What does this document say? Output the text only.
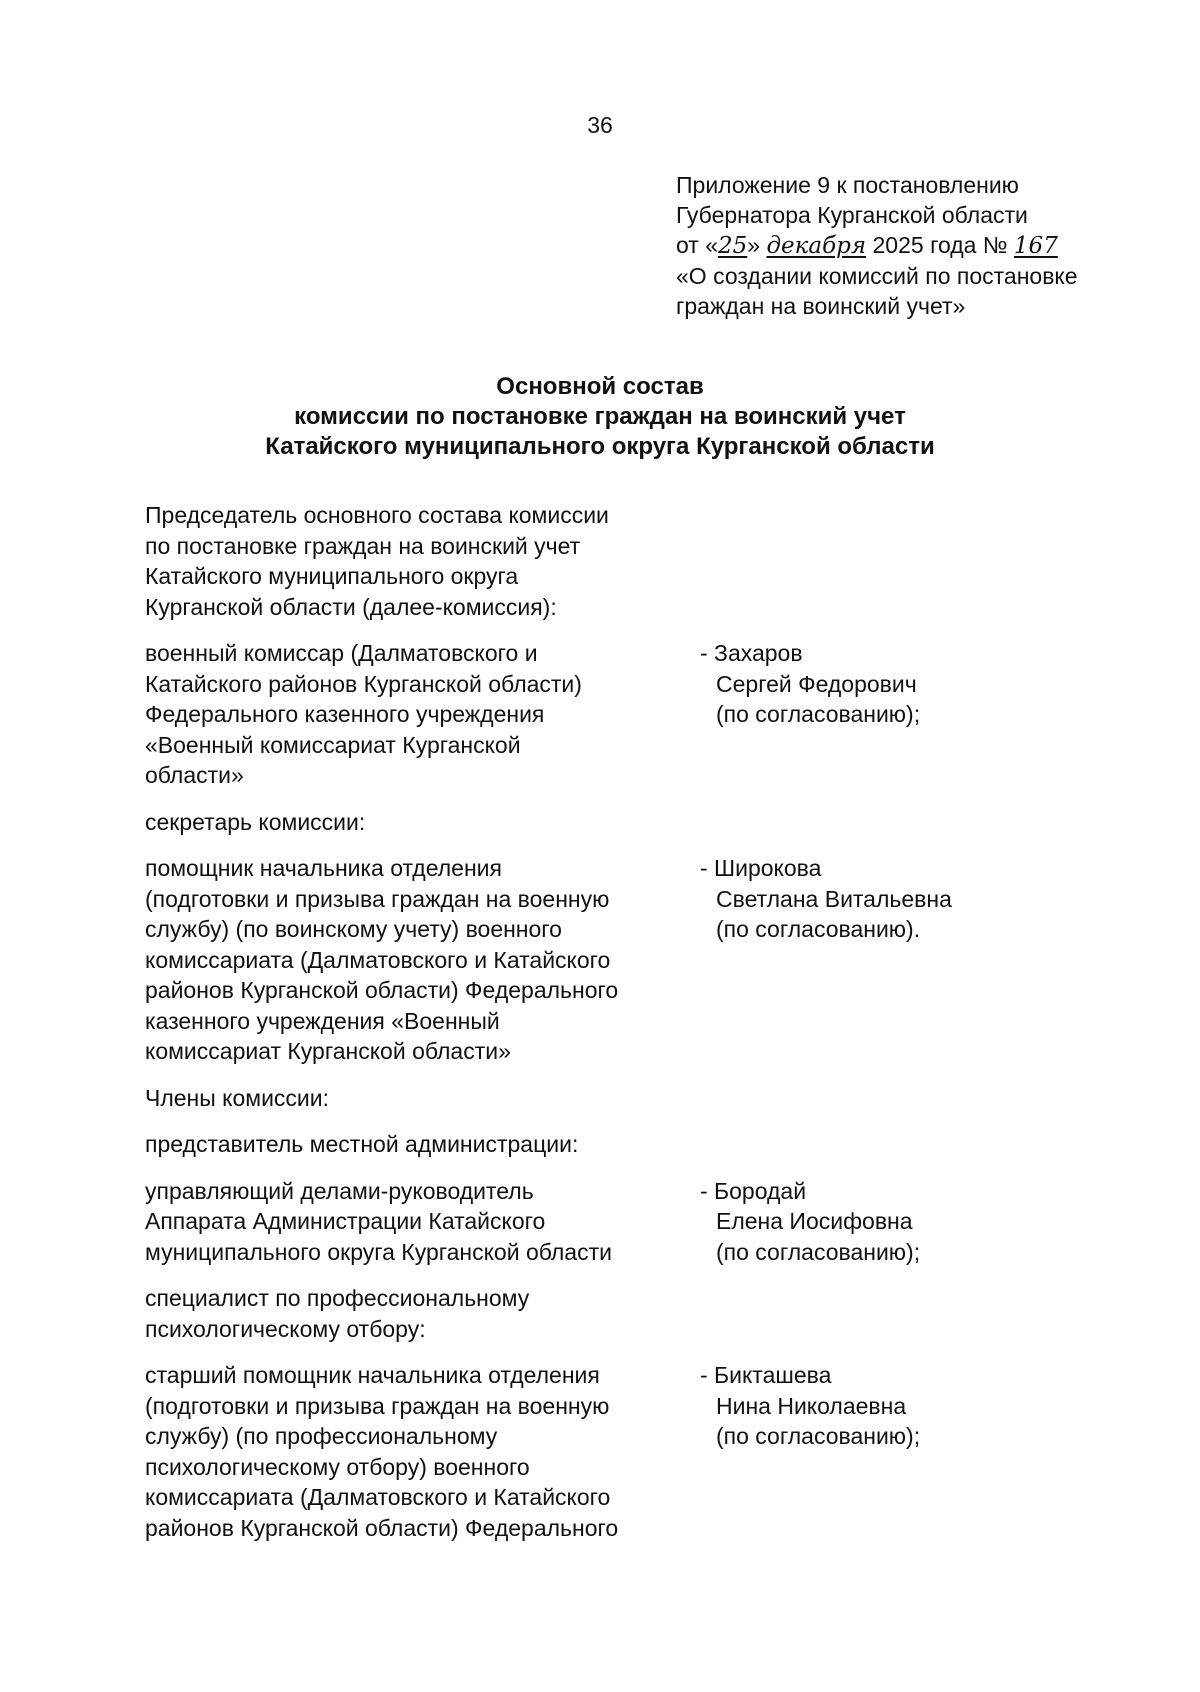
36
Приложение 9 к постановлению
Губернатора Курганской области
от «25» декабря 2025 года № 167
«О создании комиссий по постановке
граждан на воинский учет»
Основной состав
комиссии по постановке граждан на воинский учет
Катайского муниципального округа Курганской области
Председатель основного состава комиссии
по постановке граждан на воинский учет
Катайского муниципального округа
Курганской области (далее-комиссия):
военный комиссар (Далматовского и
Катайского районов Курганской области)
Федерального казенного учреждения
«Военный комиссариат Курганской
области»
- Захаров
Сергей Федорович
(по согласованию);
секретарь комиссии:
помощник начальника отделения
(подготовки и призыва граждан на военную
службу) (по воинскому учету) военного
комиссариата (Далматовского и Катайского
районов Курганской области) Федерального
казенного учреждения «Военный
комиссариат Курганской области»
- Широкова
Светлана Витальевна
(по согласованию).
Члены комиссии:
представитель местной администрации:
управляющий делами-руководитель
Аппарата Администрации Катайского
муниципального округа Курганской области
- Бородай
Елена Иосифовна
(по согласованию);
специалист по профессиональному
психологическому отбору:
старший помощник начальника отделения
(подготовки и призыва граждан на военную
службу) (по профессиональному
психологическому отбору) военного
комиссариата (Далматовского и Катайского
районов Курганской области) Федерального
- Бикташева
Нина Николаевна
(по согласованию);
